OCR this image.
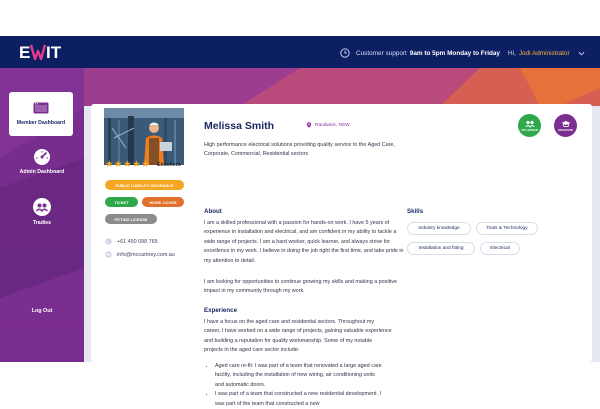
E IT	Customer support 9am to 5pm Monday to Friday Hi, Jodi Administrator
Member Dashboard
Admin Dashboard
Tradies
Log Out
★ ★ ★ ★ ★ Excellent
PUBLIC LIABILITY INSURANCE
TICKET	WORK COVER
FITTING LICENSE
+61 450 098 765
info@mccartney.com.au
Melissa Smith	Randwick, NSW
High performance electrical solutions providing quality service to the Aged Care, Corporate, Commercial, Residential sectors
VOLUNTEER	GRADUATE
About
I am a skilled professional with a passion for hands-on work. I have 5 years of experience in installation and electrical, and am confident in my ability to tackle a wide range of projects. I am a hard worker, quick learner, and always strive for excellence in my work. I believe in doing the job right the first time, and take pride in my attention to detail.
I am looking for opportunities to continue growing my skills and making a positive impact in my community through my work.
Experience
I have a focus on the aged care and residential sectors. Throughout my career, I have worked on a wide range of projects, gaining valuable experience and building a reputation for quality workmanship. Some of my notable projects in the aged care sector include:
• Aged care re-fit: I was part of a team that renovated a large aged care facility, including the installation of new wiring, air conditioning units and automatic doors.
• I was part of a team that constructed a new residential development. I was part of the team that constructed a new
Skills
Industry knowledge	Tools & Technology
Installation and fitting	Electrical
